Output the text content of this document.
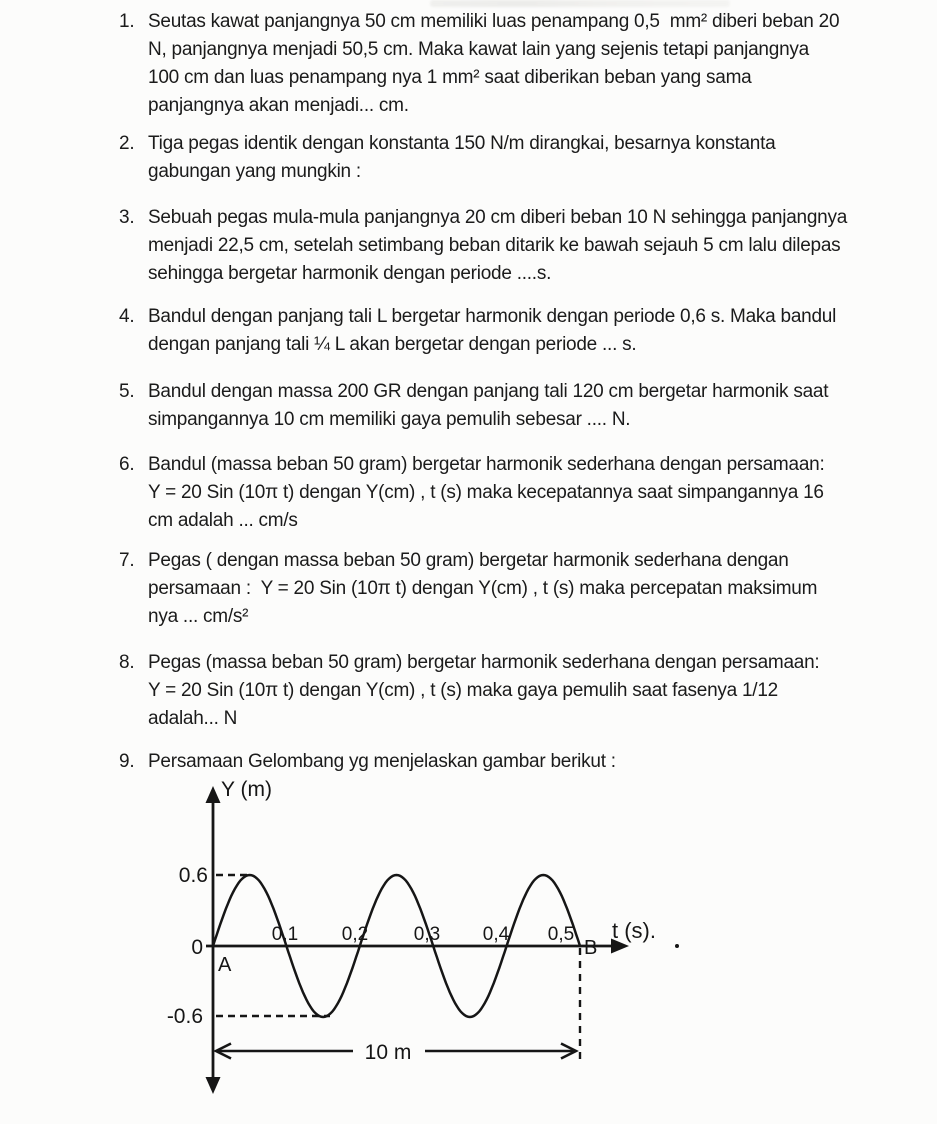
1. Seutas kawat panjangnya 50 cm memiliki luas penampang 0,5  mm² diberi beban 20
N, panjangnya menjadi 50,5 cm. Maka kawat lain yang sejenis tetapi panjangnya
100 cm dan luas penampang nya 1 mm² saat diberikan beban yang sama
panjangnya akan menjadi... cm.
2. Tiga pegas identik dengan konstanta 150 N/m dirangkai, besarnya konstanta
gabungan yang mungkin :
3. Sebuah pegas mula-mula panjangnya 20 cm diberi beban 10 N sehingga panjangnya
menjadi 22,5 cm, setelah setimbang beban ditarik ke bawah sejauh 5 cm lalu dilepas
sehingga bergetar harmonik dengan periode ....s.
4. Bandul dengan panjang tali L bergetar harmonik dengan periode 0,6 s. Maka bandul
dengan panjang tali ¼ L akan bergetar dengan periode ... s.
5. Bandul dengan massa 200 GR dengan panjang tali 120 cm bergetar harmonik saat
simpangannya 10 cm memiliki gaya pemulih sebesar .... N.
6. Bandul (massa beban 50 gram) bergetar harmonik sederhana dengan persamaan:
Y = 20 Sin (10π t) dengan Y(cm) , t (s) maka kecepatannya saat simpangannya 16
cm adalah ... cm/s
7. Pegas ( dengan massa beban 50 gram) bergetar harmonik sederhana dengan
persamaan :  Y = 20 Sin (10π t) dengan Y(cm) , t (s) maka percepatan maksimum
nya ... cm/s²
8. Pegas (massa beban 50 gram) bergetar harmonik sederhana dengan persamaan:
Y = 20 Sin (10π t) dengan Y(cm) , t (s) maka gaya pemulih saat fasenya 1/12
adalah... N
9. Persamaan Gelombang yg menjelaskan gambar berikut :
Y (m)
0.6
0
-0.6
A
B
0,1 0,2 0,3 0,4 0,5 t (s).
10 m
